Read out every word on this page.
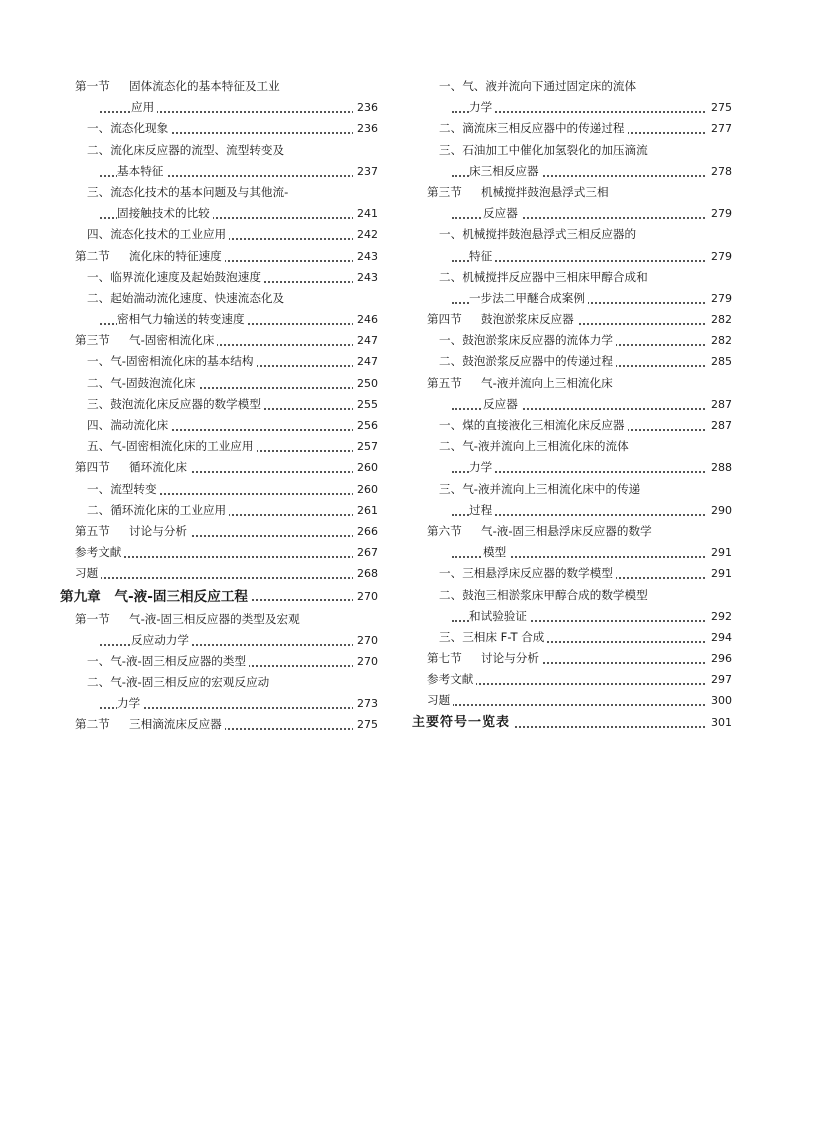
第一节 固体流态化的基本特征及工业
应用	236
一、流态化现象	236
二、流化床反应器的流型、流型转变及
基本特征	237
三、流态化技术的基本问题及与其他流-
固接触技术的比较	241
四、流态化技术的工业应用	242
第二节 流化床的特征速度	243
一、临界流化速度及起始鼓泡速度	243
二、起始湍动流化速度、快速流态化及
密相气力输送的转变速度	246
第三节 气-固密相流化床	247
一、气-固密相流化床的基本结构	247
二、气-固鼓泡流化床	250
三、鼓泡流化床反应器的数学模型	255
四、湍动流化床	256
五、气-固密相流化床的工业应用	257
第四节 循环流化床	260
一、流型转变	260
二、循环流化床的工业应用	261
第五节 讨论与分析	266
参考文献	267
习题	268
第九章　气-液-固三相反应工程	270
第一节 气-液-固三相反应器的类型及宏观
反应动力学	270
一、气-液-固三相反应器的类型	270
二、气-液-固三相反应的宏观反应动
力学	273
第二节 三相滴流床反应器	275
一、气、液并流向下通过固定床的流体
力学	275
二、滴流床三相反应器中的传递过程	277
三、石油加工中催化加氢裂化的加压滴流
床三相反应器	278
第三节 机械搅拌鼓泡悬浮式三相
反应器	279
一、机械搅拌鼓泡悬浮式三相反应器的
特征	279
二、机械搅拌反应器中三相床甲醇合成和
一步法二甲醚合成案例	279
第四节 鼓泡淤浆床反应器	282
一、鼓泡淤浆床反应器的流体力学	282
二、鼓泡淤浆反应器中的传递过程	285
第五节 气-液并流向上三相流化床
反应器	287
一、煤的直接液化三相流化床反应器	287
二、气-液并流向上三相流化床的流体
力学	288
三、气-液并流向上三相流化床中的传递
过程	290
第六节 气-液-固三相悬浮床反应器的数学
模型	291
一、三相悬浮床反应器的数学模型	291
二、鼓泡三相淤浆床甲醇合成的数学模型
和试验验证	292
三、三相床 F-T 合成	294
第七节 讨论与分析	296
参考文献	297
习题	300
主要符号一览表	301
